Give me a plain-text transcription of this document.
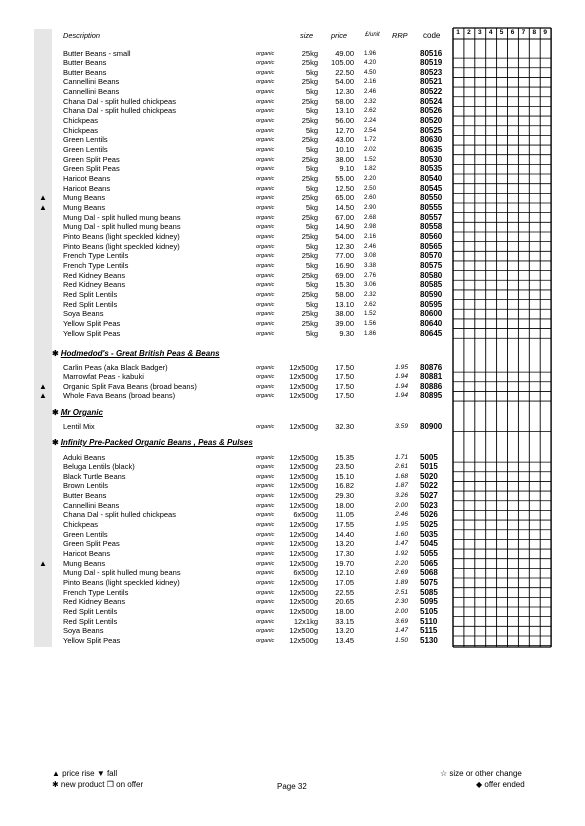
Description	size price	£/unit RRP code	1	2	3	4	5	6	7	8	9
Butter Beans - small	organic	25kg	49.00 1.96	80516
Butter Beans	organic	25kg	105.00 4.20	80519
Butter Beans	organic	5kg	22.50 4.50	80523
Cannellini Beans	organic	25kg	54.00 2.16	80521
Cannellini Beans	organic	5kg	12.30 2.46	80522
Chana Dal - split hulled chickpeas	organic	25kg	58.00 2.32	80524
Chana Dal - split hulled chickpeas	organic	5kg	13.10 2.62	80526
Chickpeas	organic	25kg	56.00 2.24	80520
Chickpeas	organic	5kg	12.70 2.54	80525
Green Lentils	organic	25kg	43.00 1.72	80630
Green Lentils	organic	5kg	10.10 2.02	80635
Green Split Peas	organic	25kg	38.00 1.52	80530
Green Split Peas	organic	5kg	9.10 1.82	80535
Haricot Beans	organic	25kg	55.00 2.20	80540
Haricot Beans	organic	5kg	12.50 2.50	80545
▲ Mung Beans	organic	25kg	65.00 2.60	80550
▲ Mung Beans	organic	5kg	14.50 2.90	80555
Mung Dal - split hulled mung beans	organic	25kg	67.00 2.68	80557
Mung Dal - split hulled mung beans	organic	5kg	14.90 2.98	80558
Pinto Beans (light speckled kidney)	organic	25kg	54.00 2.16	80560
Pinto Beans (light speckled kidney)	organic	5kg	12.30 2.46	80565
French Type Lentils	organic	25kg	77.00 3.08	80570
French Type Lentils	organic	5kg	16.90 3.38	80575
Red Kidney Beans	organic	25kg	69.00 2.76	80580
Red Kidney Beans	organic	5kg	15.30 3.06	80585
Red Split Lentils	organic	25kg	58.00 2.32	80590
Red Split Lentils	organic	5kg	13.10 2.62	80595
Soya Beans	organic	25kg	38.00 1.52	80600
Yellow Split Peas	organic	25kg	39.00 1.56	80640
Yellow Split Peas	organic	5kg	9.30 1.86	80645
✱ Hodmedod's - Great British Peas & Beans
Carlin Peas (aka Black Badger)	organic	12x500g	17.50	1.95 80876
Marrowfat Peas - kabuki	organic	12x500g	17.50	1.94 80881
▲ Organic Split Fava Beans (broad beans)	organic	12x500g	17.50	1.94 80886
▲ Whole Fava Beans (broad beans)	organic	12x500g	17.50	1.94 80895
✱ Mr Organic
Lentil Mix	organic	12x500g	32.30	3.59 80900
✱ Infinity Pre-Packed Organic Beans , Peas & Pulses
Aduki Beans	organic	12x500g	15.35	1.71 5005
Beluga Lentils (black)	organic	12x500g	23.50	2.61 5015
Black Turtle Beans	organic	12x500g	15.10	1.68 5020
Brown Lentils	organic	12x500g	16.82	1.87 5022
Butter Beans	organic	12x500g	29.30	3.26 5027
Cannellini Beans	organic	12x500g	18.00	2.00 5023
Chana Dal - split hulled chickpeas	organic	6x500g	11.05	2.46 5026
Chickpeas	organic	12x500g	17.55	1.95 5025
Green Lentils	organic	12x500g	14.40	1.60 5035
Green Split Peas	organic	12x500g	13.20	1.47 5045
Haricot Beans	organic	12x500g	17.30	1.92 5055
▲ Mung Beans	organic	12x500g	19.70	2.20 5065
Mung Dal - split hulled mung beans	organic	6x500g	12.10	2.69 5068
Pinto Beans (light speckled kidney)	organic	12x500g	17.05	1.89 5075
French Type Lentils	organic	12x500g	22.55	2.51 5085
Red Kidney Beans	organic	12x500g	20.65	2.30 5095
Red Split Lentils	organic	12x500g	18.00	2.00 5105
Red Split Lentils	organic	12x1kg	33.15	3.69 5110
Soya Beans	organic	12x500g	13.20	1.47 5115
Yellow Split Peas	organic	12x500g	13.45	1.50 5130
▲ price rise ▼ fall
✱ new product ❒ on offer	Page 32
☆ size or other change
◆ offer ended
